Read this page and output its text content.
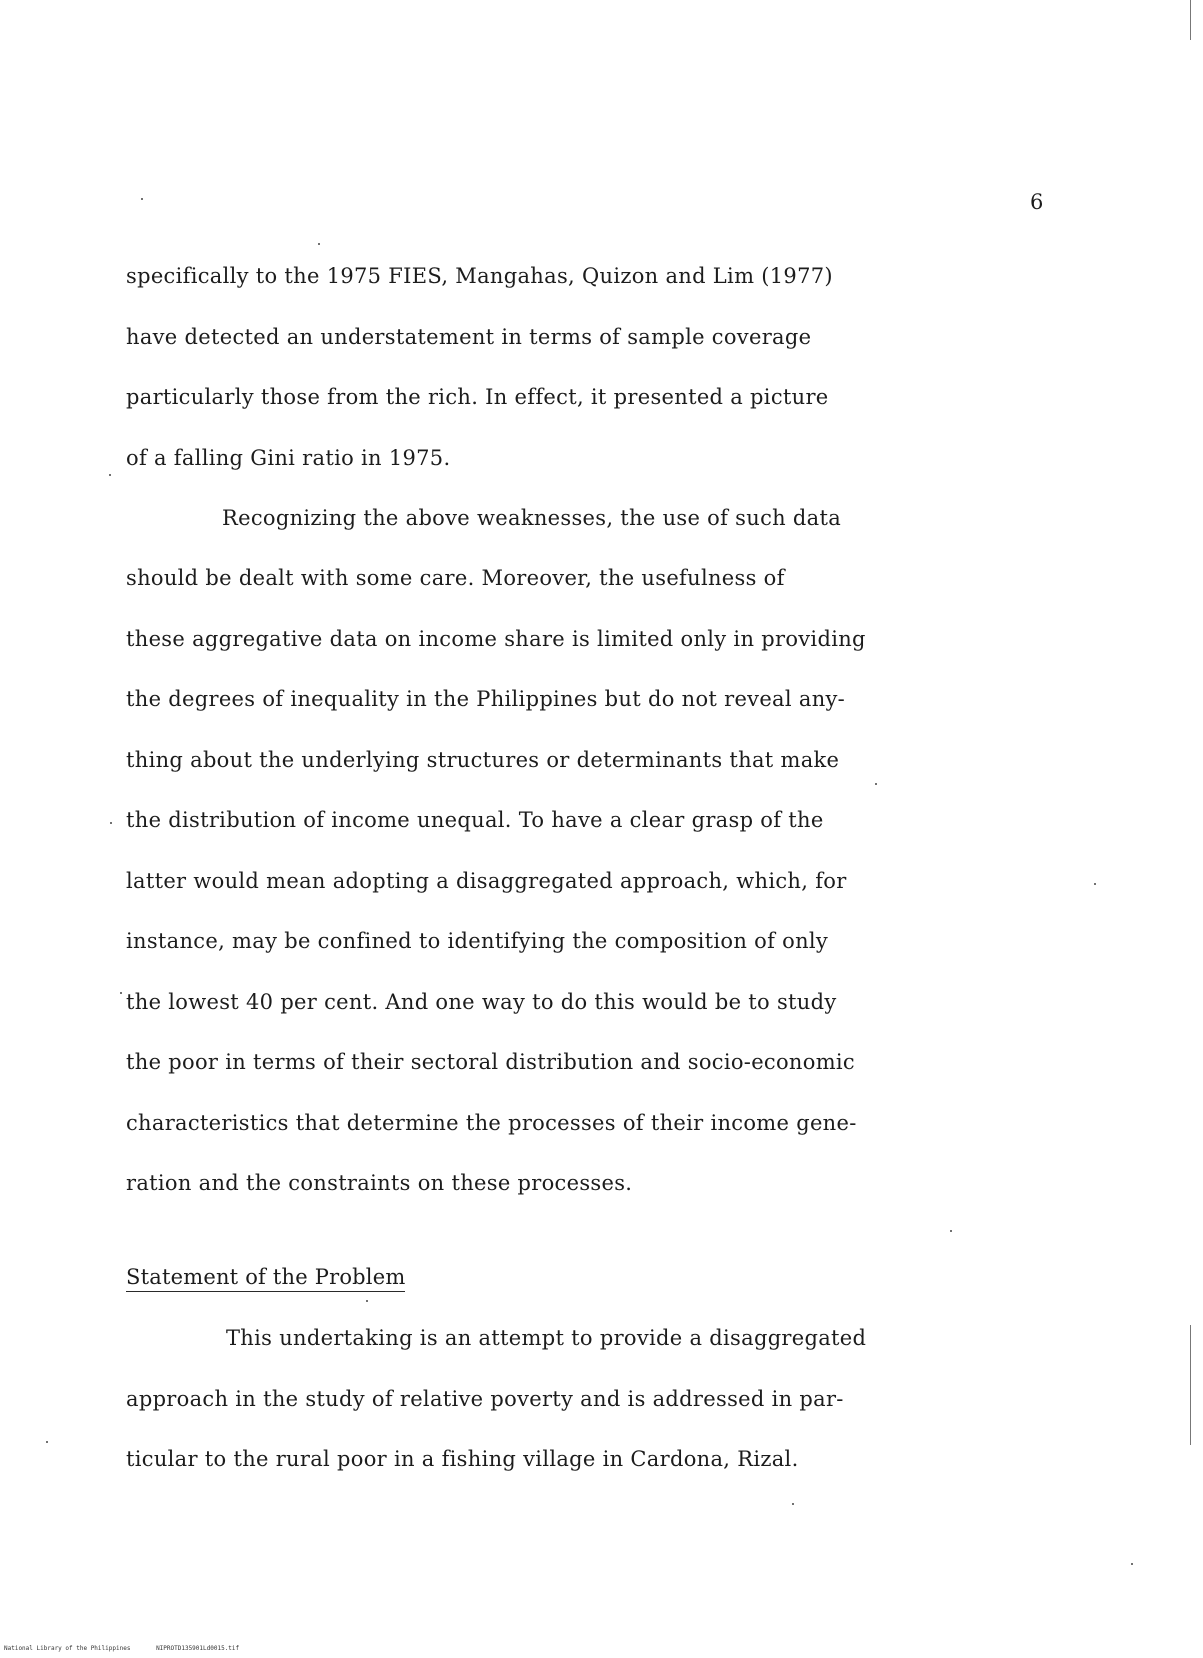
6
specifically to the 1975 FIES, Mangahas, Quizon and Lim (1977)
have detected an understatement in terms of sample coverage
particularly those from the rich. In effect, it presented a picture
of a falling Gini ratio in 1975.
Recognizing the above weaknesses, the use of such data
should be dealt with some care. Moreover, the usefulness of
these aggregative data on income share is limited only in providing
the degrees of inequality in the Philippines but do not reveal any-
thing about the underlying structures or determinants that make
the distribution of income unequal. To have a clear grasp of the
latter would mean adopting a disaggregated approach, which, for
instance, may be confined to identifying the composition of only
the lowest 40 per cent. And one way to do this would be to study
the poor in terms of their sectoral distribution and socio-economic
characteristics that determine the processes of their income gene-
ration and the constraints on these processes.
Statement of the Problem
This undertaking is an attempt to provide a disaggregated
approach in the study of relative poverty and is addressed in par-
ticular to the rural poor in a fishing village in Cardona, Rizal.
National Library of the Philippines	NIPROTD135901Ld0015.tif
